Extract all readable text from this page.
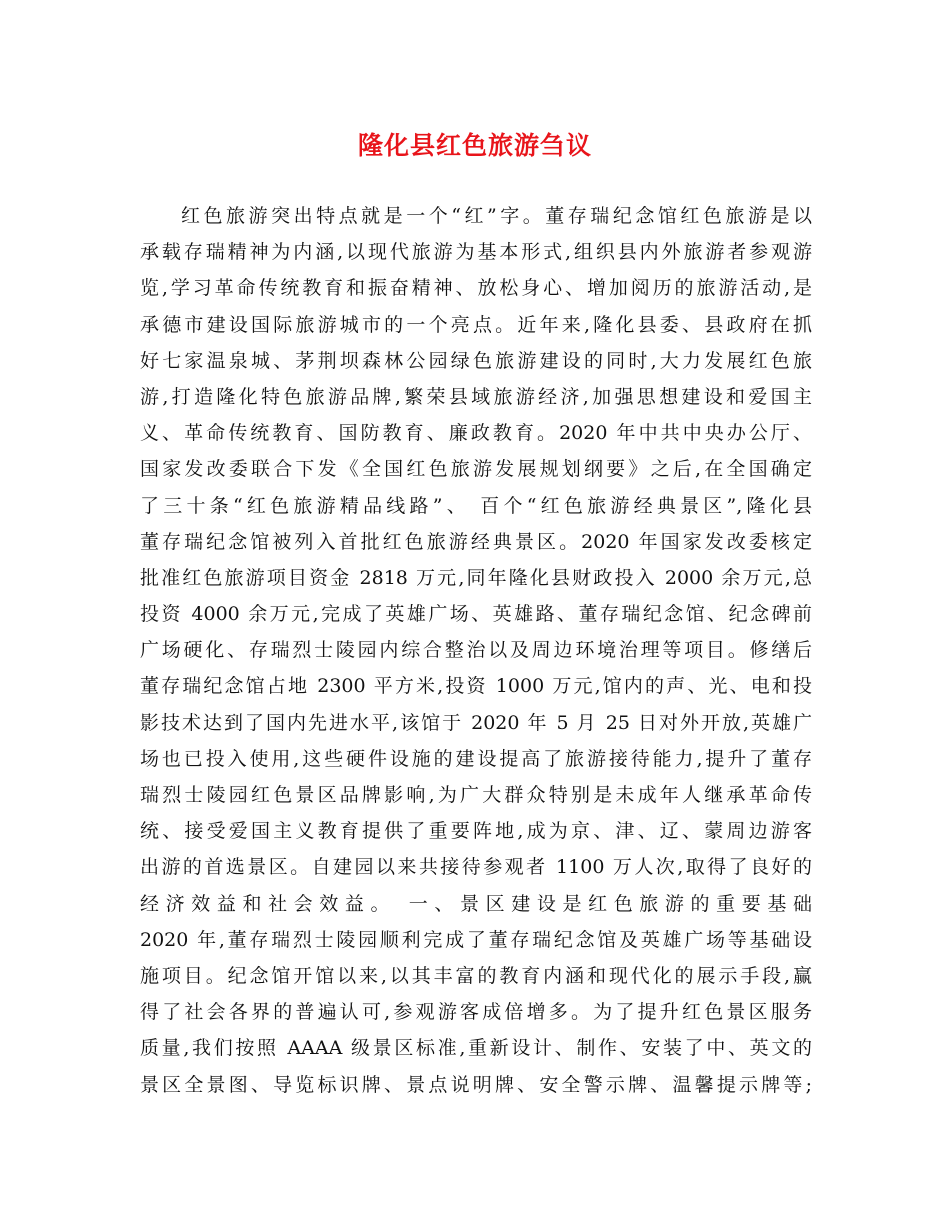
隆化县红色旅游刍议
红色旅游突出特点就是一个“红”字。董存瑞纪念馆红色旅游是以
承载存瑞精神为内涵,以现代旅游为基本形式,组织县内外旅游者参观游
览,学习革命传统教育和振奋精神、放松身心、增加阅历的旅游活动,是
承德市建设国际旅游城市的一个亮点。近年来,隆化县委、县政府在抓
好七家温泉城、茅荆坝森林公园绿色旅游建设的同时,大力发展红色旅
游,打造隆化特色旅游品牌,繁荣县域旅游经济,加强思想建设和爱国主
义、革命传统教育、国防教育、廉政教育。2020 年中共中央办公厅、
国家发改委联合下发《全国红色旅游发展规划纲要》之后,在全国确定
了三十条“红色旅游精品线路”、 百个“红色旅游经典景区”,隆化县
董存瑞纪念馆被列入首批红色旅游经典景区。2020 年国家发改委核定
批准红色旅游项目资金 2818 万元,同年隆化县财政投入 2000 余万元,总
投资 4000 余万元,完成了英雄广场、英雄路、董存瑞纪念馆、纪念碑前
广场硬化、存瑞烈士陵园内综合整治以及周边环境治理等项目。修缮后
董存瑞纪念馆占地 2300 平方米,投资 1000 万元,馆内的声、光、电和投
影技术达到了国内先进水平,该馆于 2020 年 5 月 25 日对外开放,英雄广
场也已投入使用,这些硬件设施的建设提高了旅游接待能力,提升了董存
瑞烈士陵园红色景区品牌影响,为广大群众特别是未成年人继承革命传
统、接受爱国主义教育提供了重要阵地,成为京、津、辽、蒙周边游客
出游的首选景区。自建园以来共接待参观者 1100 万人次,取得了良好的
经济效益和社会效益。 一、景区建设是红色旅游的重要基础
2020 年,董存瑞烈士陵园顺利完成了董存瑞纪念馆及英雄广场等基础设
施项目。纪念馆开馆以来,以其丰富的教育内涵和现代化的展示手段,赢
得了社会各界的普遍认可,参观游客成倍增多。为了提升红色景区服务
质量,我们按照 AAAA 级景区标准,重新设计、制作、安装了中、英文的
景区全景图、导览标识牌、景点说明牌、安全警示牌、温馨提示牌等;
